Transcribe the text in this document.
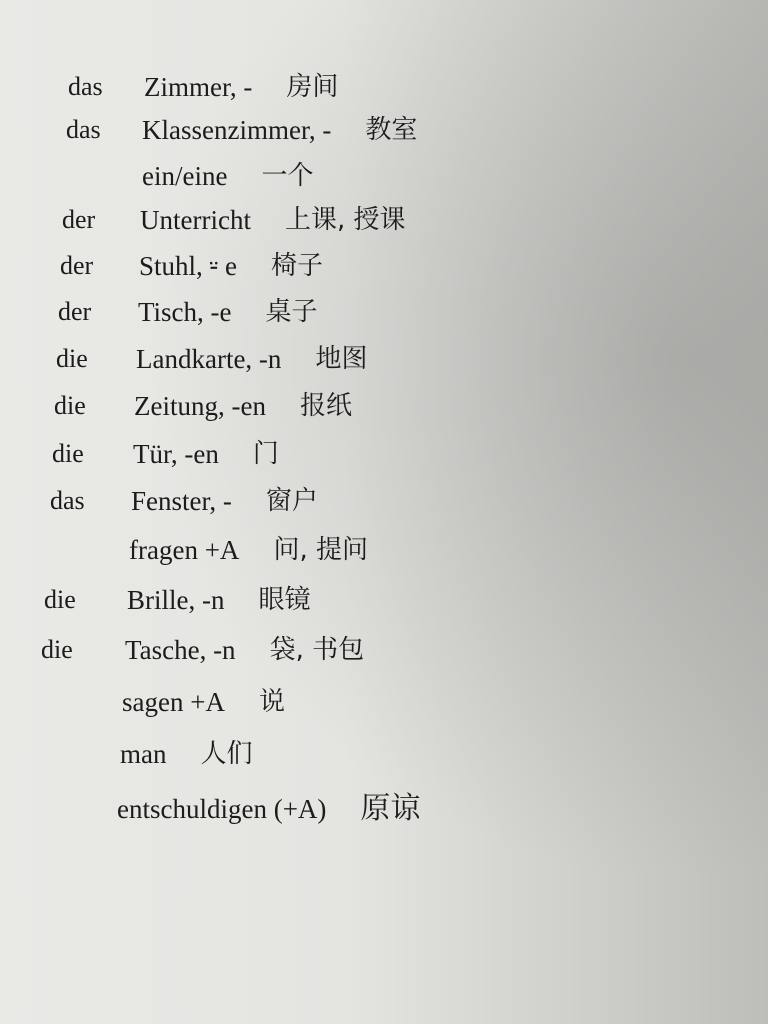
das Zimmer, - 房间
das Klassenzimmer, - 教室
ein/eine 一个
der Unterricht 上课, 授课
der Stuhl, ⸚ e 椅子
der Tisch, -e 桌子
die Landkarte, -n 地图
die Zeitung, -en 报纸
die Tür, -en 门
das Fenster, - 窗户
fragen +A 问, 提问
die Brille, -n 眼镜
die Tasche, -n 袋, 书包
sagen +A 说
man 人们
entschuldigen (+A) 原谅
